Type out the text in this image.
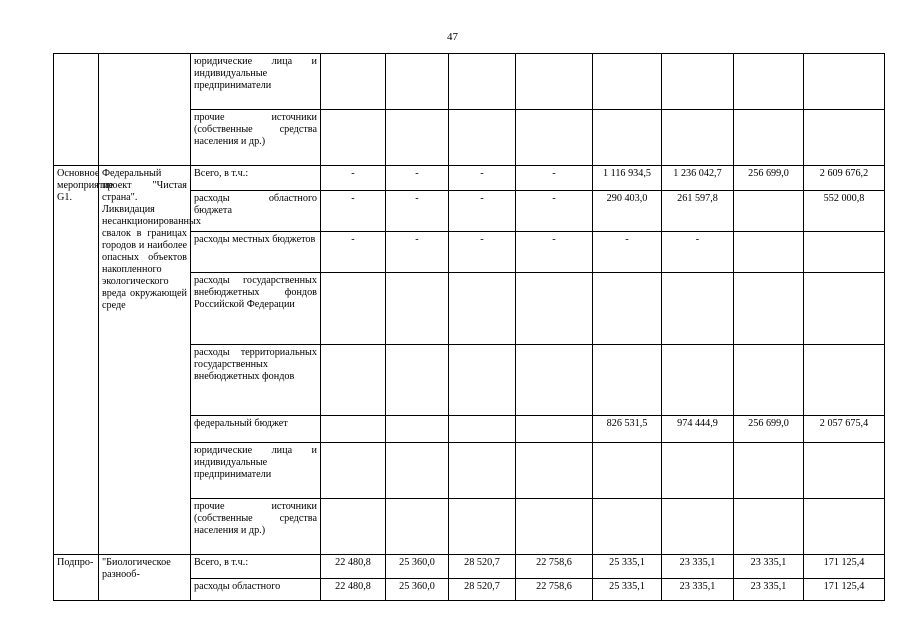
47
		юридические лица и индивидуальные предприниматели								
		прочие источники (собственные средства населения и др.)								
Основное мероприятие G1.	Федеральный проект "Чистая страна". Ликвидация несанкционированных свалок в границах городов и наиболее опасных объектов накопленного экологического вреда окружающей среде	Всего, в т.ч.:	-	-	-	-	1 116 934,5	1 236 042,7	256 699,0	2 609 676,2
		расходы областного бюджета	-	-	-	-	290 403,0	261 597,8		552 000,8
		расходы местных бюджетов	-	-	-	-	-	-		
		расходы государственных внебюджетных фондов Российской Федерации								
		расходы территориальных государственных внебюджетных фондов								
		федеральный бюджет					826 531,5	974 444,9	256 699,0	2 057 675,4
		юридические лица и индивидуальные предприниматели								
		прочие источники (собственные средства населения и др.)								
Подпро-	"Биологическое разнооб-	Всего, в т.ч.:	22 480,8	25 360,0	28 520,7	22 758,6	25 335,1	23 335,1	23 335,1	171 125,4
		расходы областного	22 480,8	25 360,0	28 520,7	22 758,6	25 335,1	23 335,1	23 335,1	171 125,4
